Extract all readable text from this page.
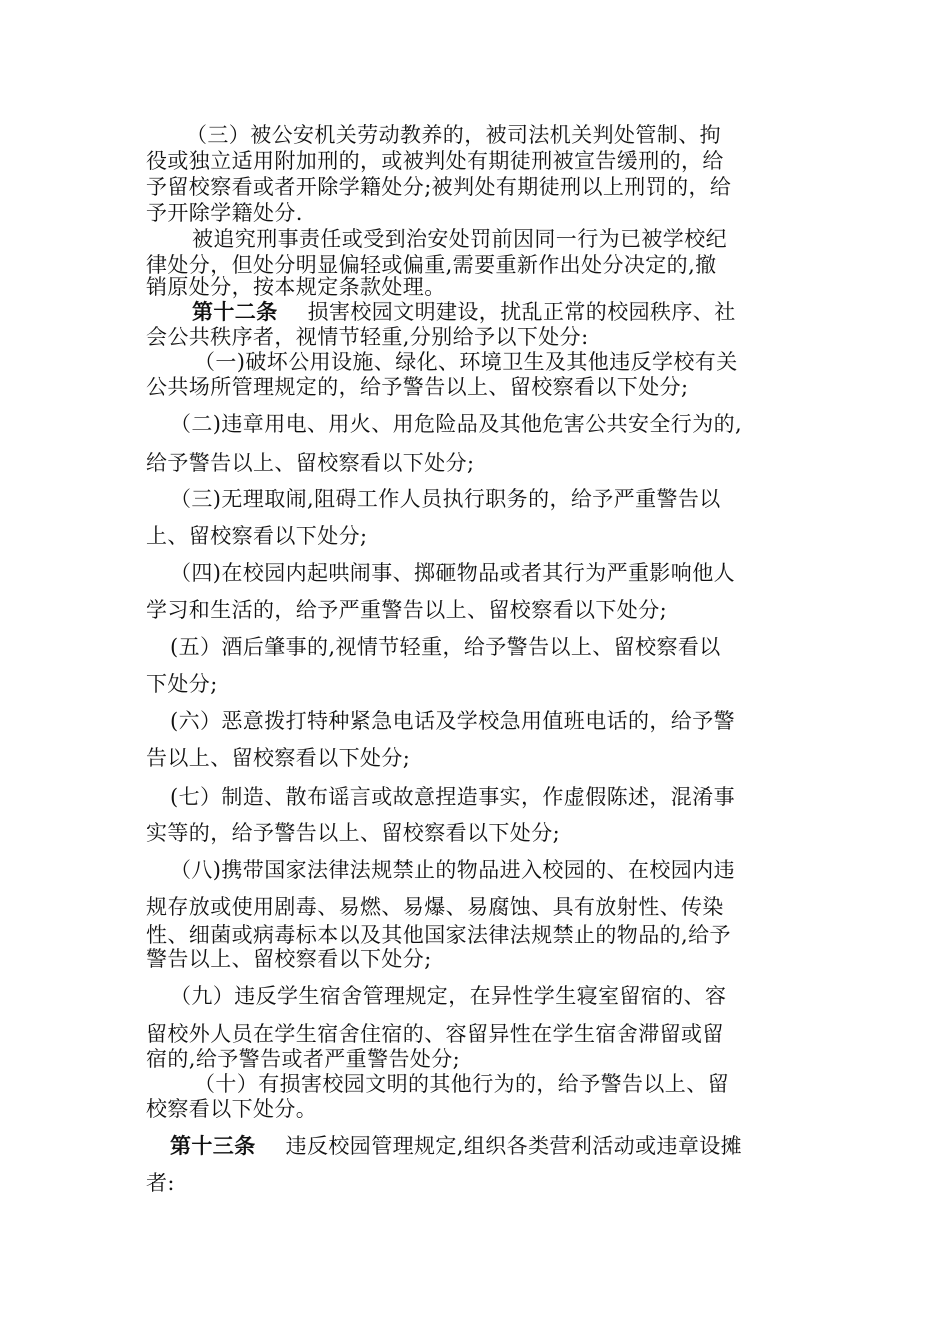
（三）被公安机关劳动教养的，被司法机关判处管制、拘
役或独立适用附加刑的，或被判处有期徒刑被宣告缓刑的，给
予留校察看或者开除学籍处分;被判处有期徒刑以上刑罚的，给
予开除学籍处分.
被追究刑事责任或受到治安处罚前因同一行为已被学校纪
律处分，但处分明显偏轻或偏重,需要重新作出处分决定的,撤
销原处分，按本规定条款处理。
第十二条 损害校园文明建设，扰乱正常的校园秩序、社
会公共秩序者，视情节轻重,分别给予以下处分:
（一)破坏公用设施、绿化、环境卫生及其他违反学校有关
公共场所管理规定的，给予警告以上、留校察看以下处分;
（二)违章用电、用火、用危险品及其他危害公共安全行为的,
给予警告以上、留校察看以下处分;
（三)无理取闹,阻碍工作人员执行职务的，给予严重警告以
上、留校察看以下处分;
（四)在校园内起哄闹事、掷砸物品或者其行为严重影响他人
学习和生活的，给予严重警告以上、留校察看以下处分;
(五）酒后肇事的,视情节轻重，给予警告以上、留校察看以
下处分;
(六）恶意拨打特种紧急电话及学校急用值班电话的，给予警
告以上、留校察看以下处分;
(七）制造、散布谣言或故意捏造事实，作虚假陈述，混淆事
实等的，给予警告以上、留校察看以下处分;
（八)携带国家法律法规禁止的物品进入校园的、在校园内违
规存放或使用剧毒、易燃、易爆、易腐蚀、具有放射性、传染
性、细菌或病毒标本以及其他国家法律法规禁止的物品的,给予
警告以上、留校察看以下处分;
（九）违反学生宿舍管理规定，在异性学生寝室留宿的、容
留校外人员在学生宿舍住宿的、容留异性在学生宿舍滞留或留
宿的,给予警告或者严重警告处分;
（十）有损害校园文明的其他行为的，给予警告以上、留
校察看以下处分。
第十三条 违反校园管理规定,组织各类营利活动或违章设摊
者:
